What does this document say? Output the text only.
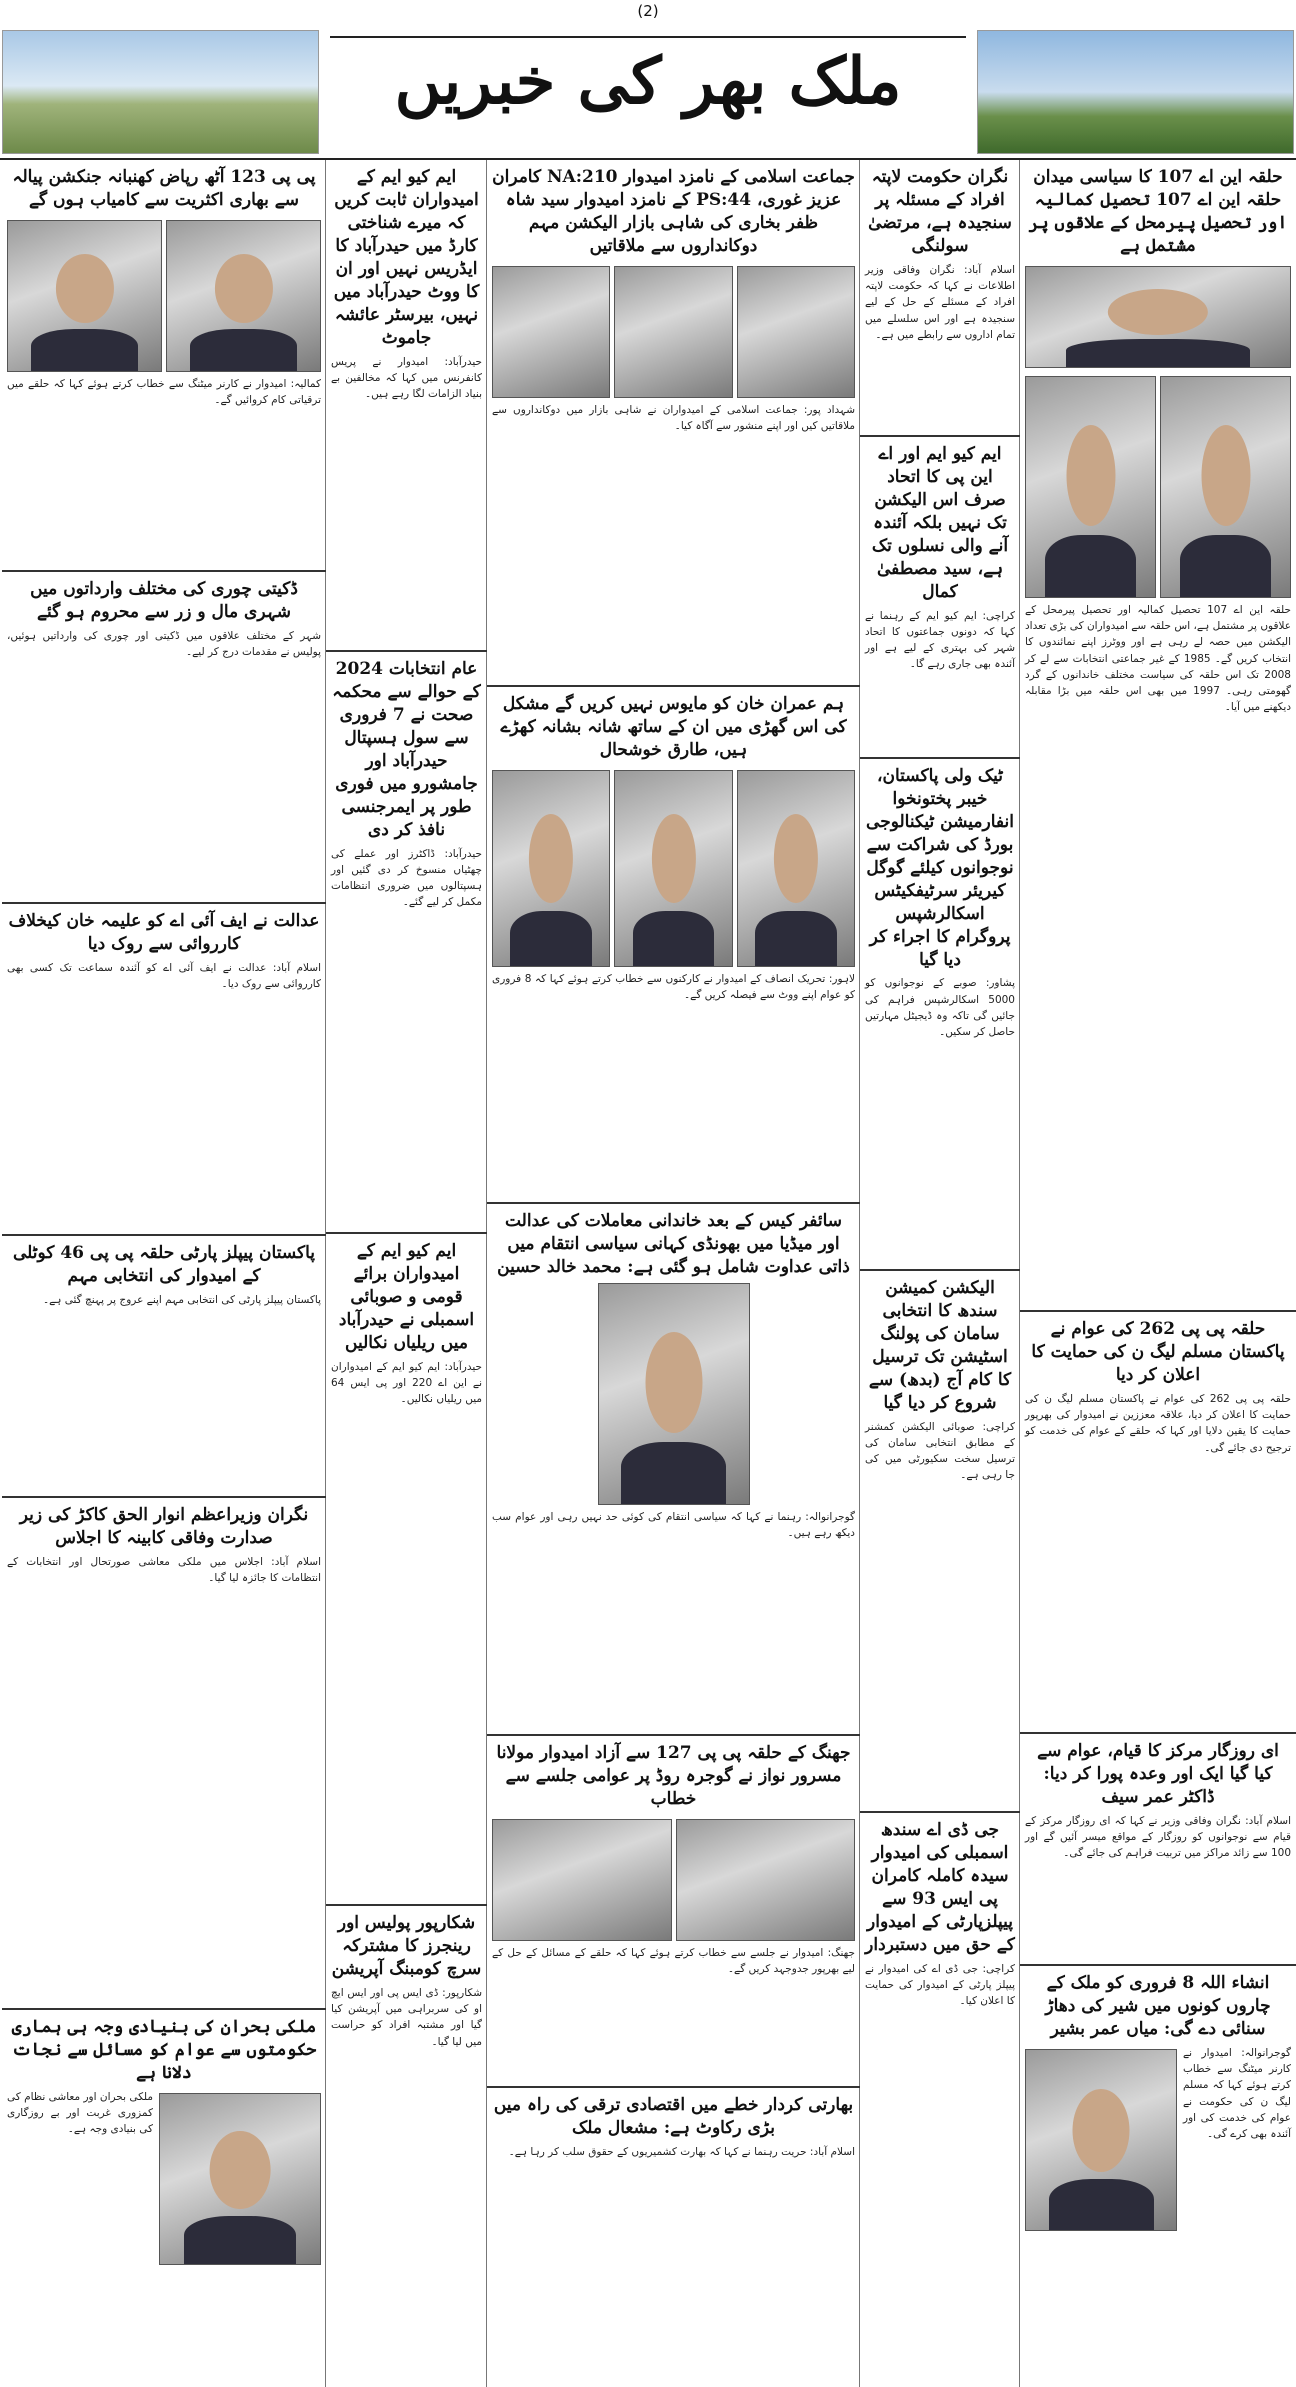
(2)
ملک بھر کی خبریں
حلقہ این اے 107 کا سیاسی میدان حلقہ این اے 107 تحصیل کمالیہ اور تحصیل پیرمحل کے علاقوں پر مشتمل ہے
حلقہ این اے 107 تحصیل کمالیہ اور تحصیل پیرمحل کے علاقوں پر مشتمل ہے، اس حلقہ سے امیدواران کی بڑی تعداد الیکشن میں حصہ لے رہی ہے اور ووٹرز اپنے نمائندوں کا انتخاب کریں گے۔ 1985 کے غیر جماعتی انتخابات سے لے کر 2008 تک اس حلقہ کی سیاست مختلف خاندانوں کے گرد گھومتی رہی۔ 1997 میں بھی اس حلقہ میں بڑا مقابلہ دیکھنے میں آیا۔
حلقہ پی پی 262 کی عوام نے پاکستان مسلم لیگ ن کی حمایت کا اعلان کر دیا
حلقہ پی پی 262 کی عوام نے پاکستان مسلم لیگ ن کی حمایت کا اعلان کر دیا، علاقہ معززین نے امیدوار کی بھرپور حمایت کا یقین دلایا اور کہا کہ حلقے کے عوام کی خدمت کو ترجیح دی جائے گی۔
ای روزگار مرکز کا قیام، عوام سے کیا گیا ایک اور وعدہ پورا کر دیا: ڈاکٹر عمر سیف
اسلام آباد: نگران وفاقی وزیر نے کہا کہ ای روزگار مرکز کے قیام سے نوجوانوں کو روزگار کے مواقع میسر آئیں گے اور 100 سے زائد مراکز میں تربیت فراہم کی جائے گی۔
انشاء اللہ 8 فروری کو ملک کے چاروں کونوں میں شیر کی دھاڑ سنائی دے گی: میاں عمر بشیر
گوجرانوالہ: امیدوار نے کارنر میٹنگ سے خطاب کرتے ہوئے کہا کہ مسلم لیگ ن کی حکومت نے عوام کی خدمت کی اور آئندہ بھی کرے گی۔
نگران حکومت لاپتہ افراد کے مسئلہ پر سنجیدہ ہے، مرتضیٰ سولنگی
اسلام آباد: نگران وفاقی وزیر اطلاعات نے کہا کہ حکومت لاپتہ افراد کے مسئلے کے حل کے لیے سنجیدہ ہے اور اس سلسلے میں تمام اداروں سے رابطے میں ہے۔
ایم کیو ایم اور اے این پی کا اتحاد صرف اس الیکشن تک نہیں بلکہ آئندہ آنے والی نسلوں تک ہے، سید مصطفیٰ کمال
کراچی: ایم کیو ایم کے رہنما نے کہا کہ دونوں جماعتوں کا اتحاد شہر کی بہتری کے لیے ہے اور آئندہ بھی جاری رہے گا۔
ٹیک ولی پاکستان، خیبر پختونخوا انفارمیشن ٹیکنالوجی بورڈ کی شراکت سے نوجوانوں کیلئے گوگل کیریئر سرٹیفکیٹس اسکالرشپس پروگرام کا اجراء کر دیا گیا
پشاور: صوبے کے نوجوانوں کو 5000 اسکالرشپس فراہم کی جائیں گی تاکہ وہ ڈیجیٹل مہارتیں حاصل کر سکیں۔
الیکشن کمیشن سندھ کا انتخابی سامان کی پولنگ اسٹیشن تک ترسیل کا کام آج (بدھ) سے شروع کر دیا گیا
کراچی: صوبائی الیکشن کمشنر کے مطابق انتخابی سامان کی ترسیل سخت سکیورٹی میں کی جا رہی ہے۔
جی ڈی اے سندھ اسمبلی کی امیدوار سیدہ کاملہ کامران پی ایس 93 سے پیپلزپارٹی کے امیدوار کے حق میں دستبردار
کراچی: جی ڈی اے کی امیدوار نے پیپلز پارٹی کے امیدوار کی حمایت کا اعلان کیا۔
جماعت اسلامی کے نامزد امیدوار NA:210 کامران عزیز غوری، PS:44 کے نامزد امیدوار سید شاہ ظفر بخاری کی شاہی بازار الیکشن مہم دوکانداروں سے ملاقاتیں
شہداد پور: جماعت اسلامی کے امیدواران نے شاہی بازار میں دوکانداروں سے ملاقاتیں کیں اور اپنے منشور سے آگاہ کیا۔
ہم عمران خان کو مایوس نہیں کریں گے مشکل کی اس گھڑی میں ان کے ساتھ شانہ بشانہ کھڑے ہیں، طارق خوشحال
لاہور: تحریک انصاف کے امیدوار نے کارکنوں سے خطاب کرتے ہوئے کہا کہ 8 فروری کو عوام اپنے ووٹ سے فیصلہ کریں گے۔
سائفر کیس کے بعد خاندانی معاملات کی عدالت اور میڈیا میں بھونڈی کہانی سیاسی انتقام میں ذاتی عداوت شامل ہو گئی ہے: محمد خالد حسین
گوجرانوالہ: رہنما نے کہا کہ سیاسی انتقام کی کوئی حد نہیں رہی اور عوام سب دیکھ رہے ہیں۔
جھنگ کے حلقہ پی پی 127 سے آزاد امیدوار مولانا مسرور نواز نے گوجرہ روڈ پر عوامی جلسے سے خطاب
جھنگ: امیدوار نے جلسے سے خطاب کرتے ہوئے کہا کہ حلقے کے مسائل کے حل کے لیے بھرپور جدوجہد کریں گے۔
بھارتی کردار خطے میں اقتصادی ترقی کی راہ میں بڑی رکاوٹ ہے: مشعال ملک
اسلام آباد: حریت رہنما نے کہا کہ بھارت کشمیریوں کے حقوق سلب کر رہا ہے۔
ایم کیو ایم کے امیدواران ثابت کریں کہ میرے شناختی کارڈ میں حیدرآباد کا ایڈریس نہیں اور ان کا ووٹ حیدرآباد میں نہیں، بیرسٹر عائشہ جاموٹ
حیدرآباد: امیدوار نے پریس کانفرنس میں کہا کہ مخالفین بے بنیاد الزامات لگا رہے ہیں۔
عام انتخابات 2024 کے حوالے سے محکمہ صحت نے 7 فروری سے سول ہسپتال حیدرآباد اور جامشورو میں فوری طور پر ایمرجنسی نافذ کر دی
حیدرآباد: ڈاکٹرز اور عملے کی چھٹیاں منسوخ کر دی گئیں اور ہسپتالوں میں ضروری انتظامات مکمل کر لیے گئے۔
ایم کیو ایم کے امیدواران برائے قومی و صوبائی اسمبلی نے حیدرآباد میں ریلیاں نکالیں
حیدرآباد: ایم کیو ایم کے امیدواران نے این اے 220 اور پی ایس 64 میں ریلیاں نکالیں۔
شکارپور پولیس اور رینجرز کا مشترکہ سرچ کومبنگ آپریشن
شکارپور: ڈی ایس پی اور ایس ایچ او کی سربراہی میں آپریشن کیا گیا اور مشتبہ افراد کو حراست میں لیا گیا۔
پی پی 123 آٹھ رپاض کھنبانہ جنکشن پیالہ سے بھاری اکثریت سے کامیاب ہوں گے
کمالیہ: امیدوار نے کارنر میٹنگ سے خطاب کرتے ہوئے کہا کہ حلقے میں ترقیاتی کام کروائیں گے۔
ڈکیتی چوری کی مختلف وارداتوں میں شہری مال و زر سے محروم ہو گئے
شہر کے مختلف علاقوں میں ڈکیتی اور چوری کی وارداتیں ہوئیں، پولیس نے مقدمات درج کر لیے۔
عدالت نے ایف آئی اے کو علیمہ خان کیخلاف کارروائی سے روک دیا
اسلام آباد: عدالت نے ایف آئی اے کو آئندہ سماعت تک کسی بھی کارروائی سے روک دیا۔
پاکستان پیپلز پارٹی حلقہ پی پی 46 کوٹلی کے امیدوار کی انتخابی مہم
پاکستان پیپلز پارٹی کی انتخابی مہم اپنے عروج پر پہنچ گئی ہے۔
نگران وزیراعظم انوار الحق کاکڑ کی زیر صدارت وفاقی کابینہ کا اجلاس
اسلام آباد: اجلاس میں ملکی معاشی صورتحال اور انتخابات کے انتظامات کا جائزہ لیا گیا۔
ملکی بحران کی بنیادی وجہ ہی ہماری حکومتوں سے عوام کو مسائل سے نجات دلانا ہے
ملکی بحران اور معاشی نظام کی کمزوری غربت اور بے روزگاری کی بنیادی وجہ ہے۔
